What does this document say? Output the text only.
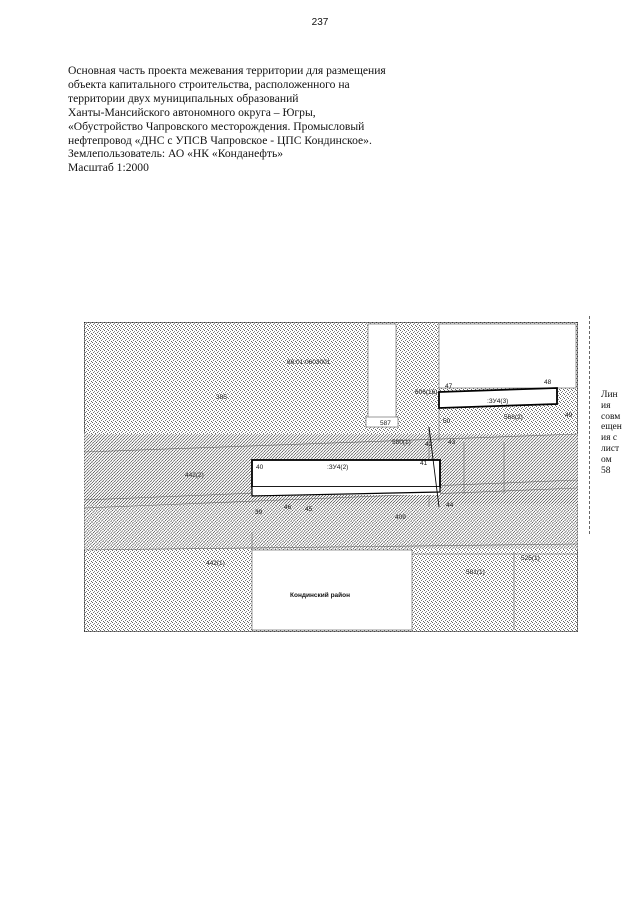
237
Основная часть проекта межевания территории для размещения
объекта капитального строительства, расположенного на
территории двух муниципальных образований
Ханты-Мансийского автономного округа – Югры,
«Обустройство Чапровского месторождения. Промысловый
нефтепровод «ДНС с УПСВ Чапровское - ЦПС Кондинское».
Землепользователь: АО «НК «Конданефть»
Масштаб 1:2000
86:01:0603001
385
442(2)
442(1)
606(16)
587
580(1)
568(2)
409
581(1)
525(1)
:ЗУ4(2)
:ЗУ4(3)
39
40
41
42 43
44
45
46
47
48
49
50
Кондинский район
Лин
ия
совм
ещен
ия с
лист
ом
58
